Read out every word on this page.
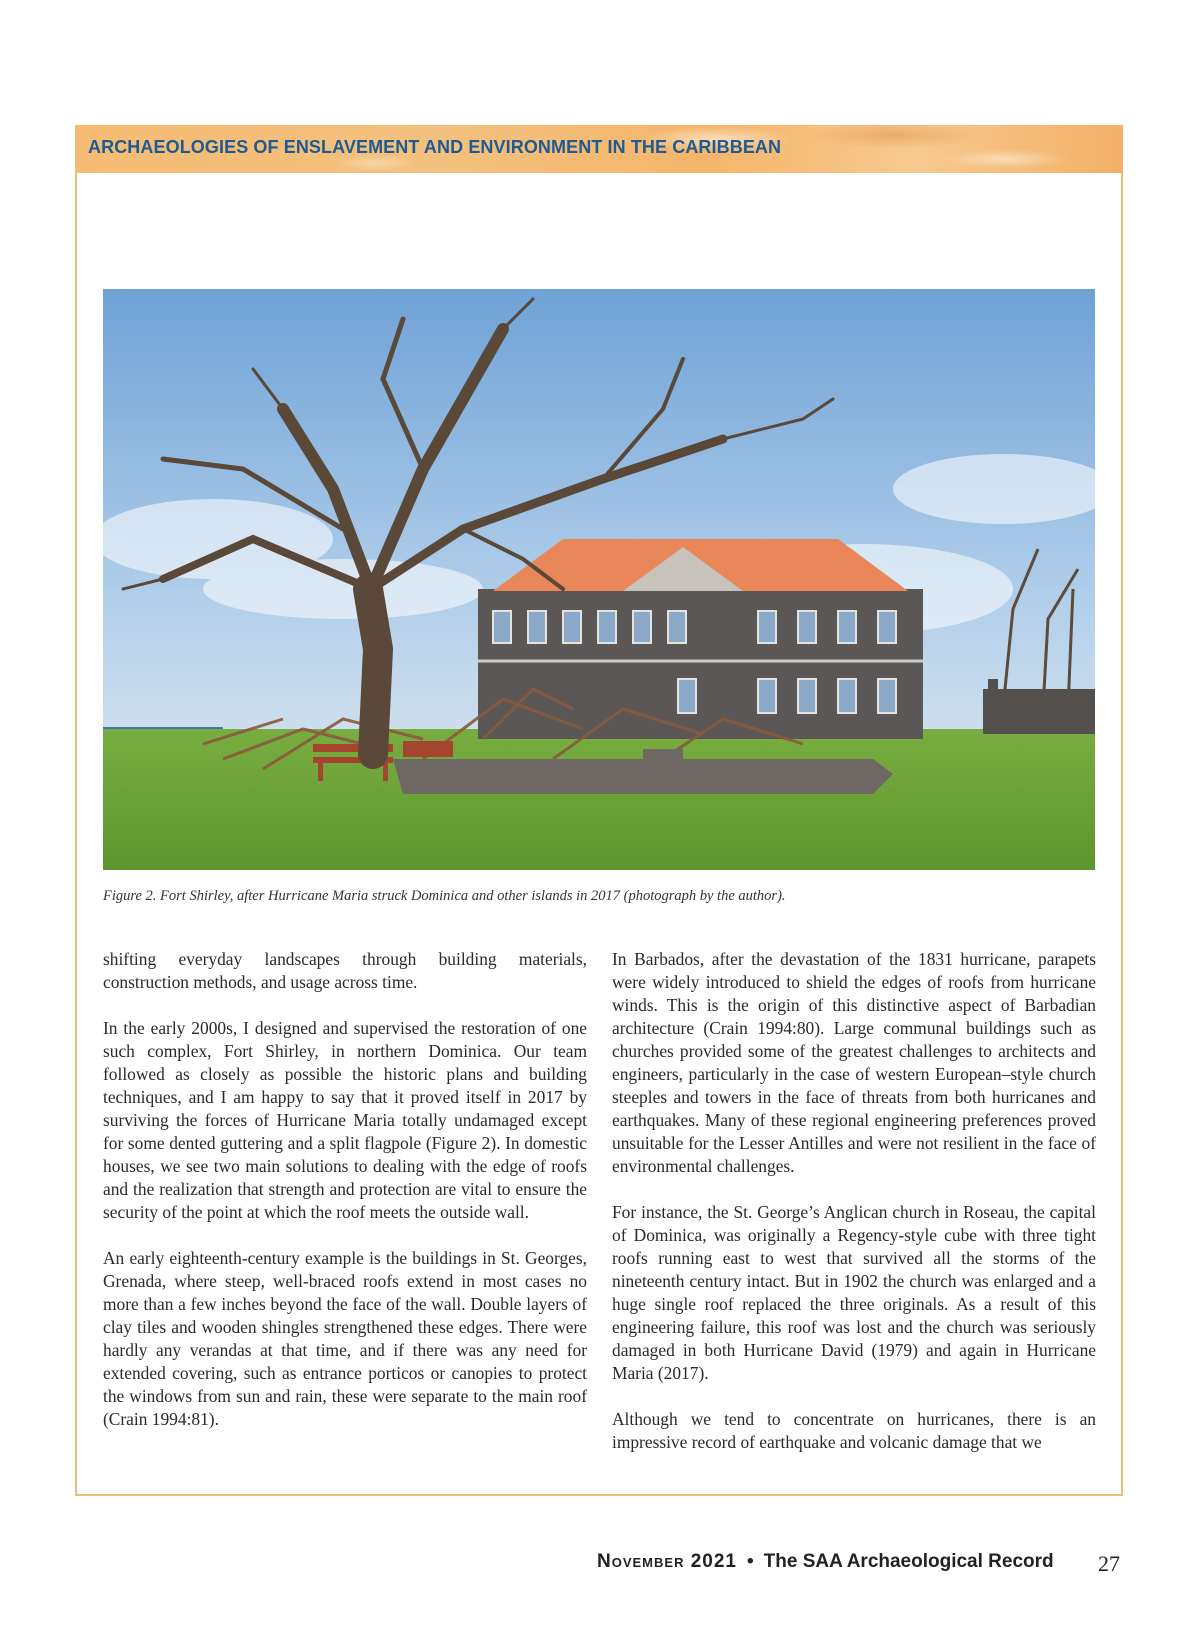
ARCHAEOLOGIES OF ENSLAVEMENT AND ENVIRONMENT IN THE CARIBBEAN
Figure 2. Fort Shirley, after Hurricane Maria struck Dominica and other islands in 2017 (photograph by the author).

shifting everyday landscapes through building materials, construction methods, and usage across time.

In the early 2000s, I designed and supervised the restoration of one such complex, Fort Shirley, in northern Dominica. Our team followed as closely as possible the historic plans and building techniques, and I am happy to say that it proved itself in 2017 by surviving the forces of Hurricane Maria totally undamaged except for some dented guttering and a split flagpole (Figure 2). In domestic houses, we see two main solutions to dealing with the edge of roofs and the realization that strength and protection are vital to ensure the security of the point at which the roof meets the outside wall.

An early eighteenth-century example is the buildings in St. Georges, Grenada, where steep, well-braced roofs extend in most cases no more than a few inches beyond the face of the wall. Double layers of clay tiles and wooden shingles strengthened these edges. There were hardly any verandas at that time, and if there was any need for extended covering, such as entrance porticos or canopies to protect the windows from sun and rain, these were separate to the main roof (Crain 1994:81).

In Barbados, after the devastation of the 1831 hurricane, parapets were widely introduced to shield the edges of roofs from hurricane winds. This is the origin of this distinctive aspect of Barbadian architecture (Crain 1994:80). Large communal buildings such as churches provided some of the greatest challenges to architects and engineers, particularly in the case of western European–style church steeples and towers in the face of threats from both hurricanes and earthquakes. Many of these regional engineering preferences proved unsuitable for the Lesser Antilles and were not resilient in the face of environmental challenges.

For instance, the St. George’s Anglican church in Roseau, the capital of Dominica, was originally a Regency-style cube with three tight roofs running east to west that survived all the storms of the nineteenth century intact. But in 1902 the church was enlarged and a huge single roof replaced the three originals. As a result of this engineering failure, this roof was lost and the church was seriously damaged in both Hurricane David (1979) and again in Hurricane Maria (2017).

Although we tend to concentrate on hurricanes, there is an impressive record of earthquake and volcanic damage that we

November 2021 • The SAA Archaeological Record 27
